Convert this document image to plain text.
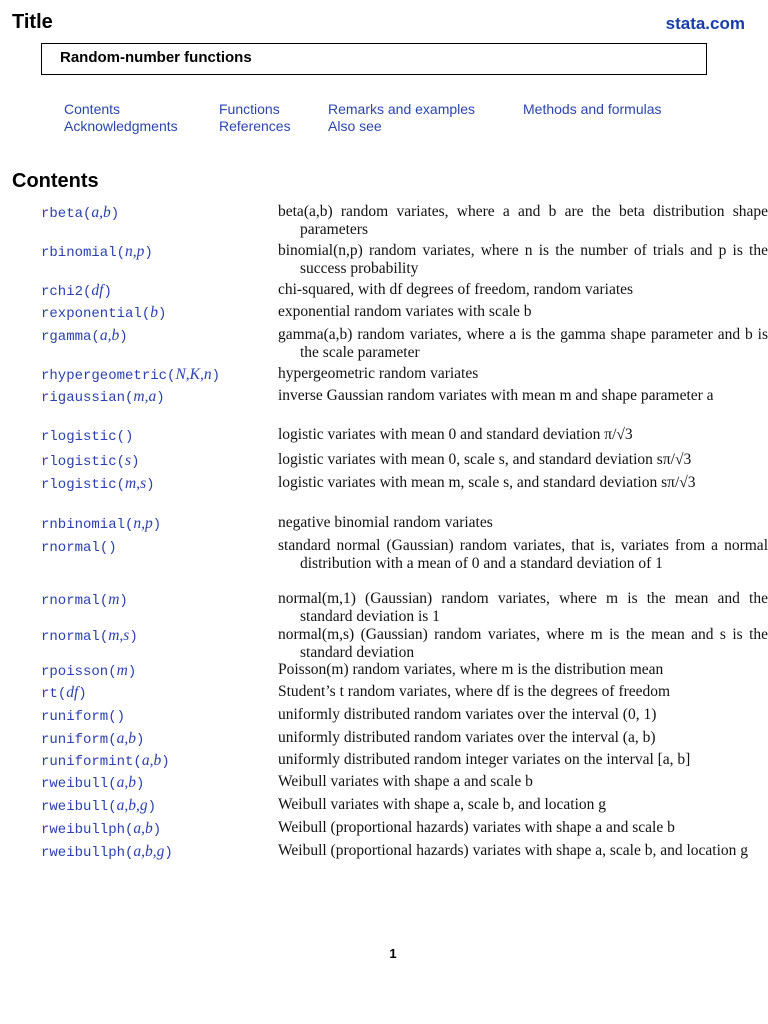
Title	stata.com
Random-number functions
Contents	Functions	Remarks and examples	Methods and formulas
Acknowledgments	References	Also see
Contents
rbeta(a,b)	beta(a,b) random variates, where a and b are the beta distribution shape parameters
rbinomial(n,p)	binomial(n,p) random variates, where n is the number of trials and p is the success probability
rchi2(df)	chi-squared, with df degrees of freedom, random variates
rexponential(b)	exponential random variates with scale b
rgamma(a,b)	gamma(a,b) random variates, where a is the gamma shape parameter and b is the scale parameter
rhypergeometric(N,K,n)	hypergeometric random variates
rigaussian(m,a)	inverse Gaussian random variates with mean m and shape parameter a
rlogistic()	logistic variates with mean 0 and standard deviation π/√3
rlogistic(s)	logistic variates with mean 0, scale s, and standard deviation sπ/√3
rlogistic(m,s)	logistic variates with mean m, scale s, and standard deviation sπ/√3
rnbinomial(n,p)	negative binomial random variates
rnormal()	standard normal (Gaussian) random variates, that is, variates from a normal distribution with a mean of 0 and a standard deviation of 1
rnormal(m)	normal(m,1) (Gaussian) random variates, where m is the mean and the standard deviation is 1
rnormal(m,s)	normal(m,s) (Gaussian) random variates, where m is the mean and s is the standard deviation
rpoisson(m)	Poisson(m) random variates, where m is the distribution mean
rt(df)	Student’s t random variates, where df is the degrees of freedom
runiform()	uniformly distributed random variates over the interval (0, 1)
runiform(a,b)	uniformly distributed random variates over the interval (a, b)
runiformint(a,b)	uniformly distributed random integer variates on the interval [a, b]
rweibull(a,b)	Weibull variates with shape a and scale b
rweibull(a,b,g)	Weibull variates with shape a, scale b, and location g
rweibullph(a,b)	Weibull (proportional hazards) variates with shape a and scale b
rweibullph(a,b,g)	Weibull (proportional hazards) variates with shape a, scale b, and location g
1
